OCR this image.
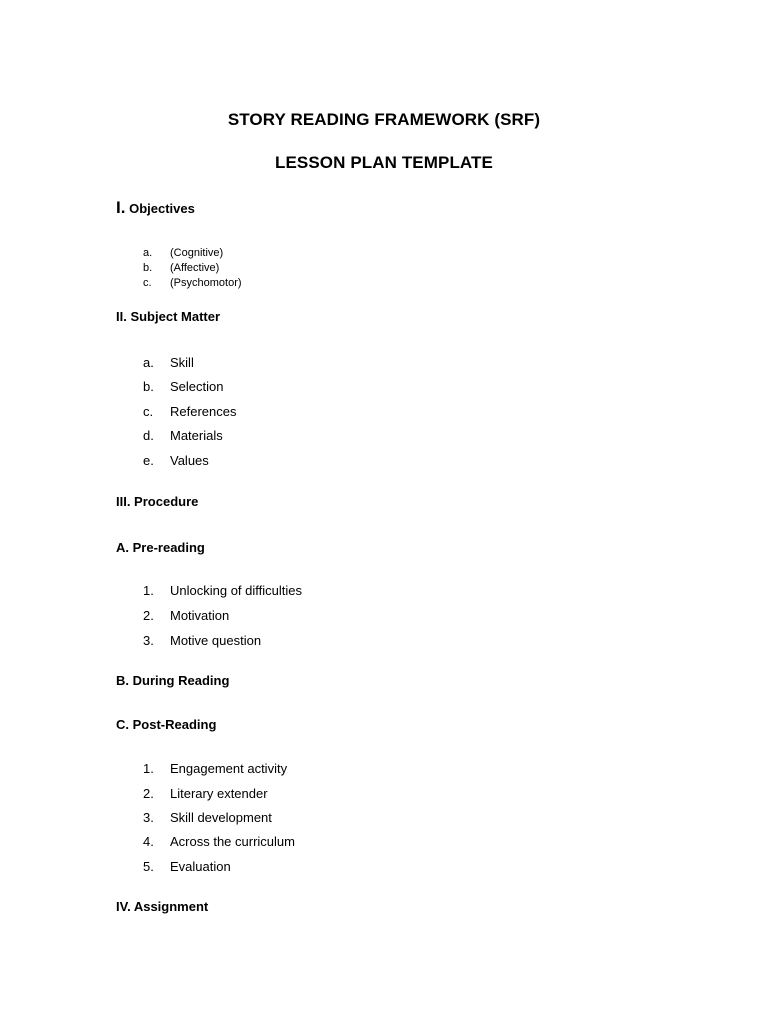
STORY READING FRAMEWORK (SRF)
LESSON PLAN TEMPLATE
I. Objectives
a. (Cognitive)
b. (Affective)
c. (Psychomotor)
II. Subject Matter
a. Skill
b. Selection
c. References
d. Materials
e. Values
III. Procedure
A. Pre-reading
1. Unlocking of difficulties
2. Motivation
3. Motive question
B. During Reading
C. Post-Reading
1. Engagement activity
2. Literary extender
3. Skill development
4. Across the curriculum
5. Evaluation
IV. Assignment
